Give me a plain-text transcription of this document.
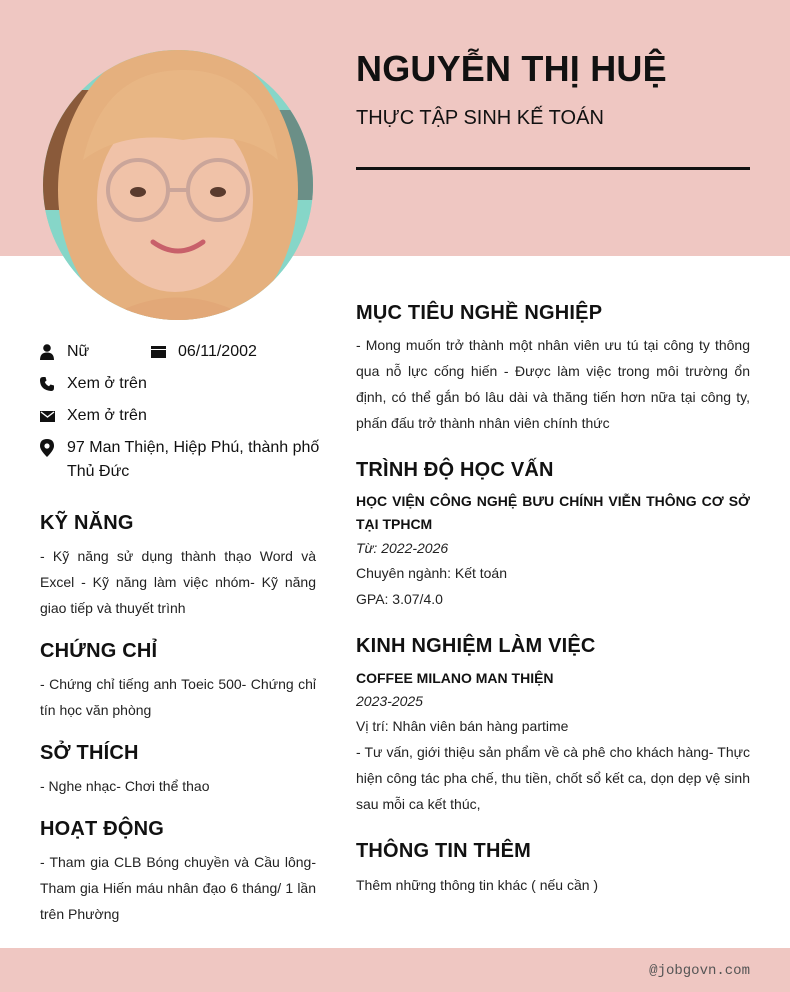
NGUYỄN THỊ HUỆ
THỰC TẬP SINH KẾ TOÁN
Nữ	06/11/2002
Xem ở trên
Xem ở trên
97 Man Thiện, Hiệp Phú, thành phố Thủ Đức
KỸ NĂNG
- Kỹ năng sử dụng thành thạo Word và Excel - Kỹ năng làm việc nhóm- Kỹ năng giao tiếp và thuyết trình
CHỨNG CHỈ
- Chứng chỉ tiếng anh Toeic 500- Chứng chỉ tín học văn phòng
SỞ THÍCH
- Nghe nhạc- Chơi thể thao
HOẠT ĐỘNG
- Tham gia CLB Bóng chuyền và Cầu lông- Tham gia Hiến máu nhân đạo 6 tháng/ 1 lần trên Phường
MỤC TIÊU NGHỀ NGHIỆP
- Mong muốn trở thành một nhân viên ưu tú tại công ty thông qua nỗ lực cống hiến - Được làm việc trong môi trường ổn định, có thể gắn bó lâu dài và thăng tiến hơn nữa tại công ty, phấn đấu trở thành nhân viên chính thức
TRÌNH ĐỘ HỌC VẤN
HỌC VIỆN CÔNG NGHỆ BƯU CHÍNH VIỄN THÔNG CƠ SỞ TẠI TPHCM
Từ: 2022-2026
Chuyên ngành: Kết toán
GPA: 3.07/4.0
KINH NGHIỆM LÀM VIỆC
COFFEE MILANO MAN THIỆN
2023-2025
Vị trí: Nhân viên bán hàng partime
- Tư vấn, giới thiệu sản phẩm về cà phê cho khách hàng- Thực hiện công tác pha chế, thu tiền, chốt sổ kết ca, dọn dẹp vệ sinh sau mỗi ca kết thúc,
THÔNG TIN THÊM
Thêm những thông tin khác ( nếu cần )
@jobgovn.com
